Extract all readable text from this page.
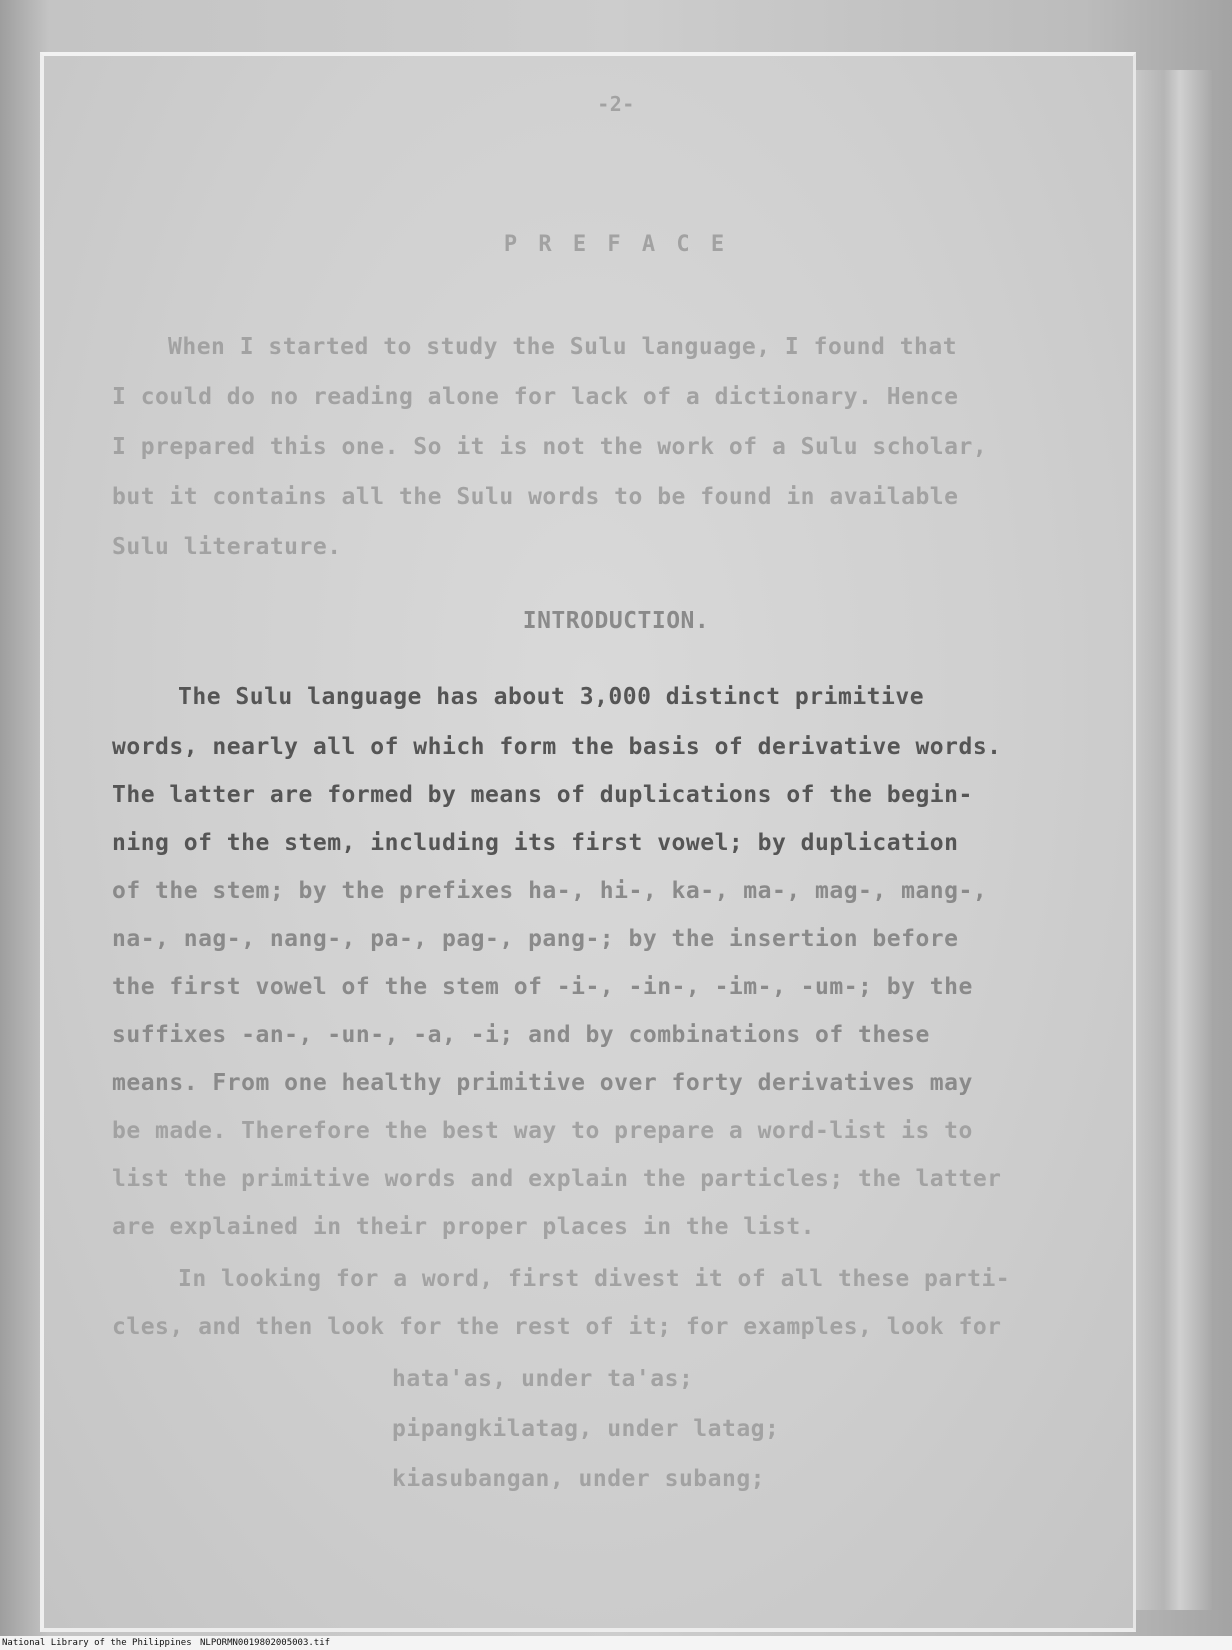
-2-
P R E F A C E
When I started to study the Sulu language, I found that
I could do no reading alone for lack of a dictionary. Hence
I prepared this one. So it is not the work of a Sulu scholar,
but it contains all the Sulu words to be found in available
Sulu literature.
INTRODUCTION.
The Sulu language has about 3,000 distinct primitive
words, nearly all of which form the basis of derivative words.
The latter are formed by means of duplications of the begin-
ning of the stem, including its first vowel; by duplication
of the stem; by the prefixes ha-, hi-, ka-, ma-, mag-, mang-,
na-, nag-, nang-, pa-, pag-, pang-; by the insertion before
the first vowel of the stem of -i-, -in-, -im-, -um-; by the
suffixes -an-, -un-, -a, -i; and by combinations of these
means. From one healthy primitive over forty derivatives may
be made. Therefore the best way to prepare a word-list is to
list the primitive words and explain the particles; the latter
are explained in their proper places in the list.
In looking for a word, first divest it of all these parti-
cles, and then look for the rest of it; for examples, look for
hata'as, under ta'as;
pipangkilatag, under latag;
kiasubangan, under subang;
National Library of the Philippines NLPORMN0019802005003.tif
